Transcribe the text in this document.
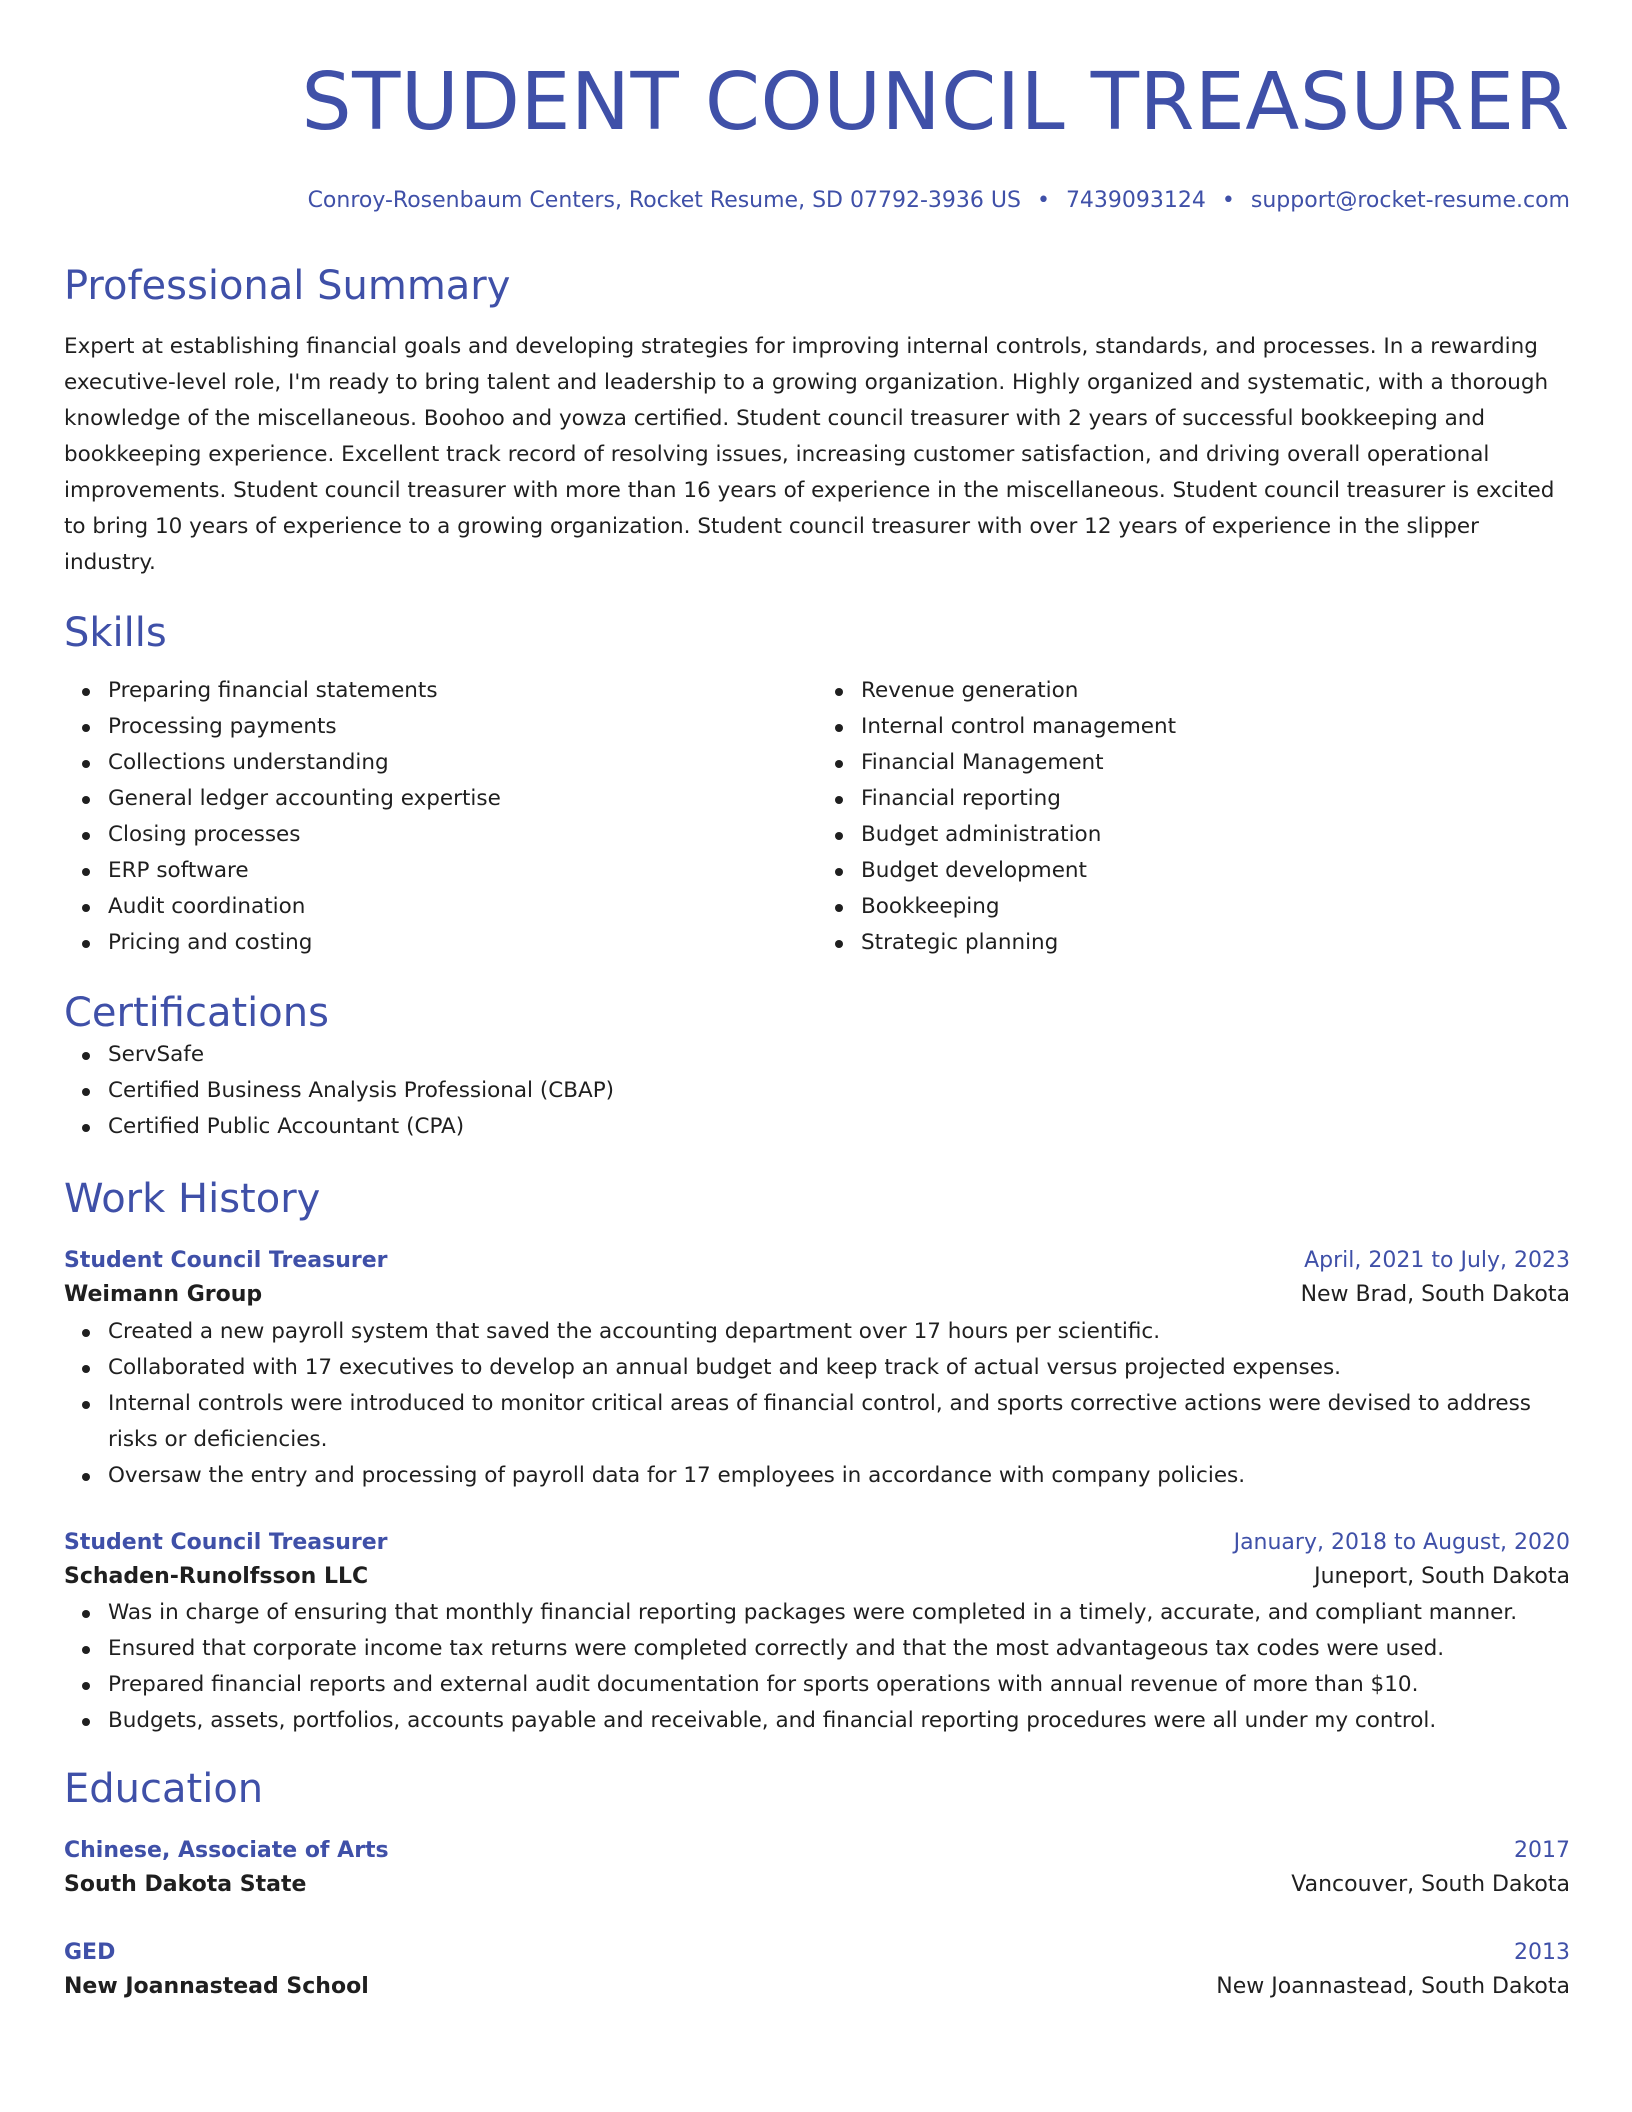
STUDENT COUNCIL TREASURER
Conroy-Rosenbaum Centers, Rocket Resume, SD 07792-3936 US • 7439093124 • support@rocket-resume.com
Professional Summary

Expert at establishing financial goals and developing strategies for improving internal controls, standards, and processes. In a rewarding executive-level role, I'm ready to bring talent and leadership to a growing organization. Highly organized and systematic, with a thorough knowledge of the miscellaneous. Boohoo and yowza certified. Student council treasurer with 2 years of successful bookkeeping and bookkeeping experience. Excellent track record of resolving issues, increasing customer satisfaction, and driving overall operational improvements. Student council treasurer with more than 16 years of experience in the miscellaneous. Student council treasurer is excited to bring 10 years of experience to a growing organization. Student council treasurer with over 12 years of experience in the slipper industry.

Skills
Preparing financial statements
Processing payments
Collections understanding
General ledger accounting expertise
Closing processes
ERP software
Audit coordination
Pricing and costing
Revenue generation
Internal control management
Financial Management
Financial reporting
Budget administration
Budget development
Bookkeeping
Strategic planning
Certifications
ServSafe
Certified Business Analysis Professional (CBAP)
Certified Public Accountant (CPA)
Work History
Student Council Treasurer	April, 2021 to July, 2023
Weimann Group	New Brad, South Dakota
Created a new payroll system that saved the accounting department over 17 hours per scientific.
Collaborated with 17 executives to develop an annual budget and keep track of actual versus projected expenses.
Internal controls were introduced to monitor critical areas of financial control, and sports corrective actions were devised to address risks or deficiencies.
Oversaw the entry and processing of payroll data for 17 employees in accordance with company policies.
Student Council Treasurer	January, 2018 to August, 2020
Schaden-Runolfsson LLC	Juneport, South Dakota
Was in charge of ensuring that monthly financial reporting packages were completed in a timely, accurate, and compliant manner.
Ensured that corporate income tax returns were completed correctly and that the most advantageous tax codes were used.
Prepared financial reports and external audit documentation for sports operations with annual revenue of more than $10.
Budgets, assets, portfolios, accounts payable and receivable, and financial reporting procedures were all under my control.
Education
Chinese, Associate of Arts	2017
South Dakota State	Vancouver, South Dakota
GED	2013
New Joannastead School	New Joannastead, South Dakota
